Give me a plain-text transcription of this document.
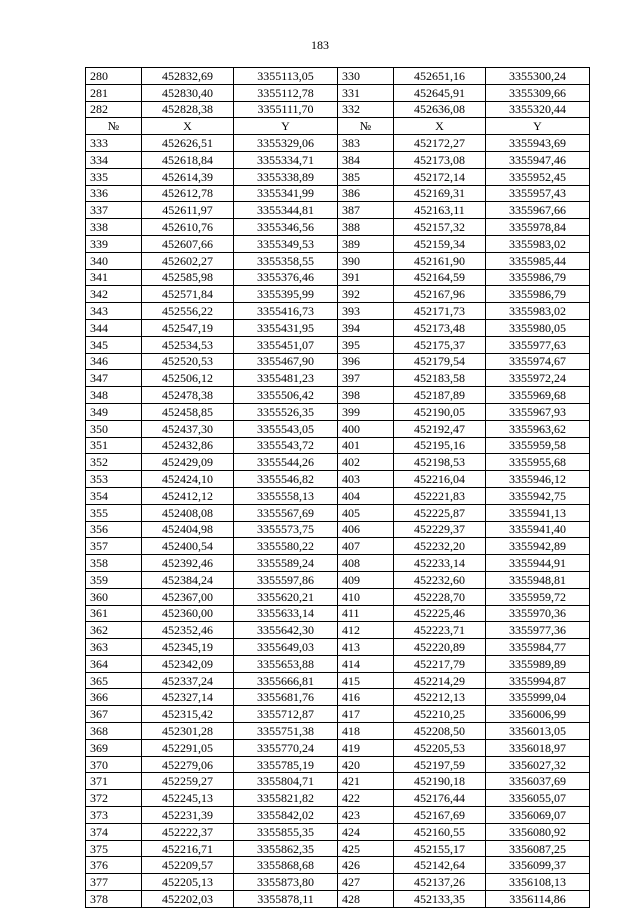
183
280	452832,69	3355113,05	330	452651,16	3355300,24
281	452830,40	3355112,78	331	452645,91	3355309,66
282	452828,38	3355111,70	332	452636,08	3355320,44
№	X	Y	№	X	Y
333	452626,51	3355329,06	383	452172,27	3355943,69
334	452618,84	3355334,71	384	452173,08	3355947,46
335	452614,39	3355338,89	385	452172,14	3355952,45
336	452612,78	3355341,99	386	452169,31	3355957,43
337	452611,97	3355344,81	387	452163,11	3355967,66
338	452610,76	3355346,56	388	452157,32	3355978,84
339	452607,66	3355349,53	389	452159,34	3355983,02
340	452602,27	3355358,55	390	452161,90	3355985,44
341	452585,98	3355376,46	391	452164,59	3355986,79
342	452571,84	3355395,99	392	452167,96	3355986,79
343	452556,22	3355416,73	393	452171,73	3355983,02
344	452547,19	3355431,95	394	452173,48	3355980,05
345	452534,53	3355451,07	395	452175,37	3355977,63
346	452520,53	3355467,90	396	452179,54	3355974,67
347	452506,12	3355481,23	397	452183,58	3355972,24
348	452478,38	3355506,42	398	452187,89	3355969,68
349	452458,85	3355526,35	399	452190,05	3355967,93
350	452437,30	3355543,05	400	452192,47	3355963,62
351	452432,86	3355543,72	401	452195,16	3355959,58
352	452429,09	3355544,26	402	452198,53	3355955,68
353	452424,10	3355546,82	403	452216,04	3355946,12
354	452412,12	3355558,13	404	452221,83	3355942,75
355	452408,08	3355567,69	405	452225,87	3355941,13
356	452404,98	3355573,75	406	452229,37	3355941,40
357	452400,54	3355580,22	407	452232,20	3355942,89
358	452392,46	3355589,24	408	452233,14	3355944,91
359	452384,24	3355597,86	409	452232,60	3355948,81
360	452367,00	3355620,21	410	452228,70	3355959,72
361	452360,00	3355633,14	411	452225,46	3355970,36
362	452352,46	3355642,30	412	452223,71	3355977,36
363	452345,19	3355649,03	413	452220,89	3355984,77
364	452342,09	3355653,88	414	452217,79	3355989,89
365	452337,24	3355666,81	415	452214,29	3355994,87
366	452327,14	3355681,76	416	452212,13	3355999,04
367	452315,42	3355712,87	417	452210,25	3356006,99
368	452301,28	3355751,38	418	452208,50	3356013,05
369	452291,05	3355770,24	419	452205,53	3356018,97
370	452279,06	3355785,19	420	452197,59	3356027,32
371	452259,27	3355804,71	421	452190,18	3356037,69
372	452245,13	3355821,82	422	452176,44	3356055,07
373	452231,39	3355842,02	423	452167,69	3356069,07
374	452222,37	3355855,35	424	452160,55	3356080,92
375	452216,71	3355862,35	425	452155,17	3356087,25
376	452209,57	3355868,68	426	452142,64	3356099,37
377	452205,13	3355873,80	427	452137,26	3356108,13
378	452202,03	3355878,11	428	452133,35	3356114,86
